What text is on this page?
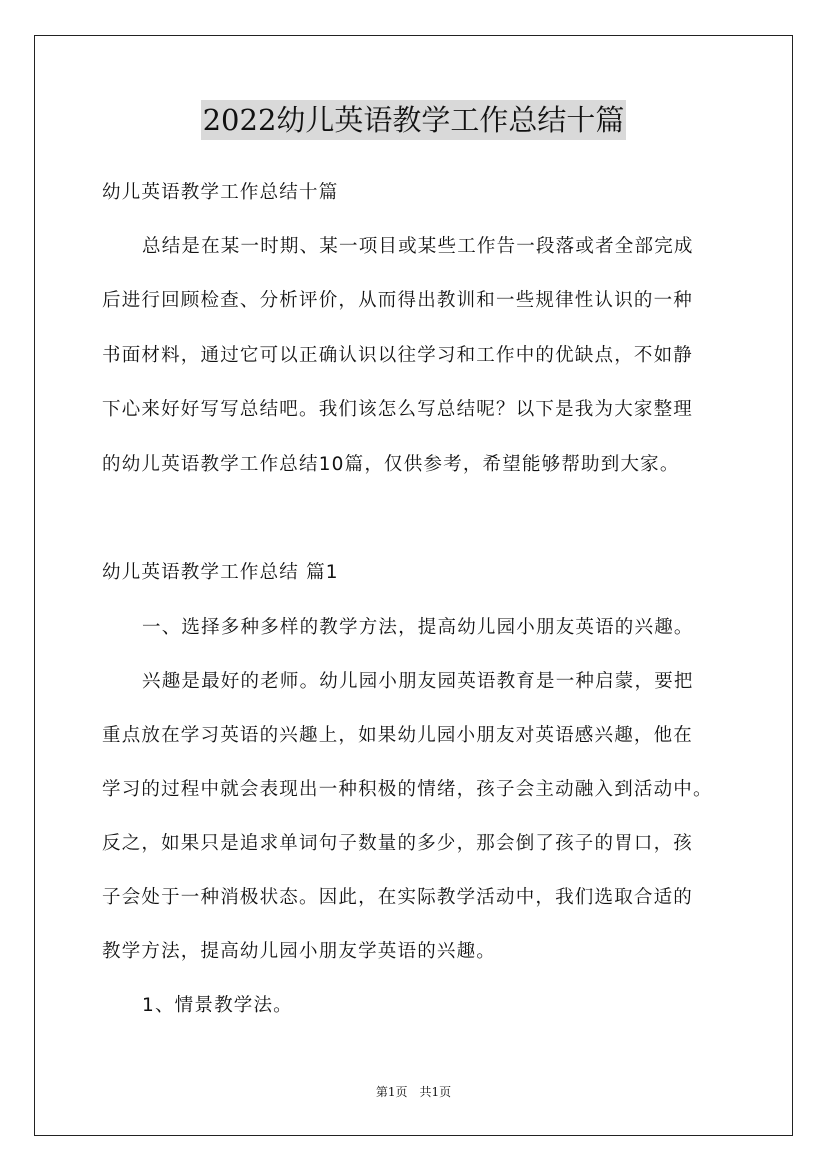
2022幼儿英语教学工作总结十篇
幼儿英语教学工作总结十篇
总结是在某一时期、某一项目或某些工作告一段落或者全部完成
后进行回顾检查、分析评价，从而得出教训和一些规律性认识的一种
书面材料，通过它可以正确认识以往学习和工作中的优缺点，不如静
下心来好好写写总结吧。我们该怎么写总结呢？以下是我为大家整理
的幼儿英语教学工作总结10篇，仅供参考，希望能够帮助到大家。
幼儿英语教学工作总结 篇1
一、选择多种多样的教学方法，提高幼儿园小朋友英语的兴趣。
兴趣是最好的老师。幼儿园小朋友园英语教育是一种启蒙，要把
重点放在学习英语的兴趣上，如果幼儿园小朋友对英语感兴趣，他在
学习的过程中就会表现出一种积极的情绪，孩子会主动融入到活动中。
反之，如果只是追求单词句子数量的多少，那会倒了孩子的胃口，孩
子会处于一种消极状态。因此，在实际教学活动中，我们选取合适的
教学方法，提高幼儿园小朋友学英语的兴趣。
1、情景教学法。
第1页　共1页
